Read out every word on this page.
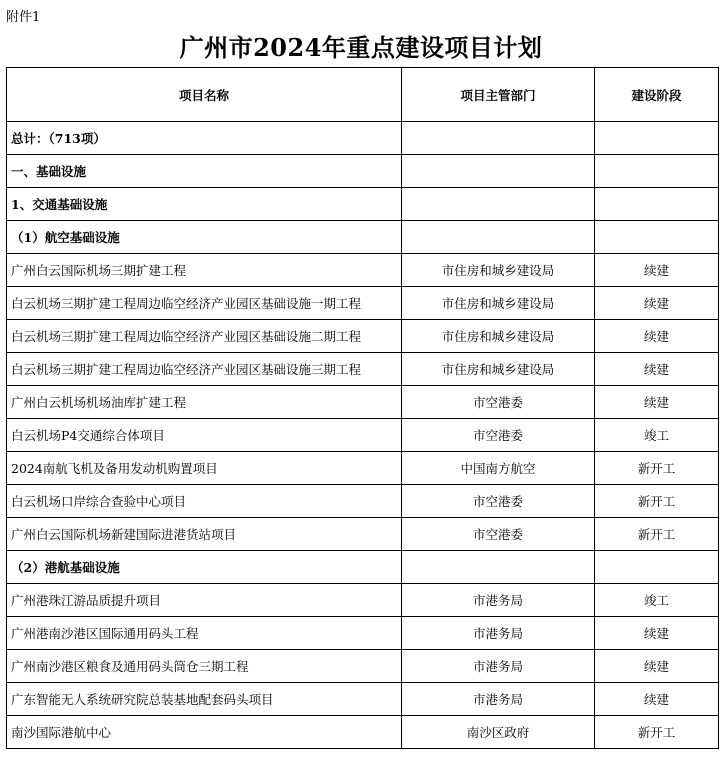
附件1
广州市2024年重点建设项目计划
项目名称	项目主管部门	建设阶段
总计：（713项）		
一、基础设施		
1、交通基础设施		
（1）航空基础设施		
广州白云国际机场三期扩建工程	市住房和城乡建设局	续建
白云机场三期扩建工程周边临空经济产业园区基础设施一期工程	市住房和城乡建设局	续建
白云机场三期扩建工程周边临空经济产业园区基础设施二期工程	市住房和城乡建设局	续建
白云机场三期扩建工程周边临空经济产业园区基础设施三期工程	市住房和城乡建设局	续建
广州白云机场机场油库扩建工程	市空港委	续建
白云机场P4交通综合体项目	市空港委	竣工
2024南航飞机及备用发动机购置项目	中国南方航空	新开工
白云机场口岸综合查验中心项目	市空港委	新开工
广州白云国际机场新建国际进港货站项目	市空港委	新开工
（2）港航基础设施		
广州港珠江游品质提升项目	市港务局	竣工
广州港南沙港区国际通用码头工程	市港务局	续建
广州南沙港区粮食及通用码头筒仓三期工程	市港务局	续建
广东智能无人系统研究院总装基地配套码头项目	市港务局	续建
南沙国际港航中心	南沙区政府	新开工
